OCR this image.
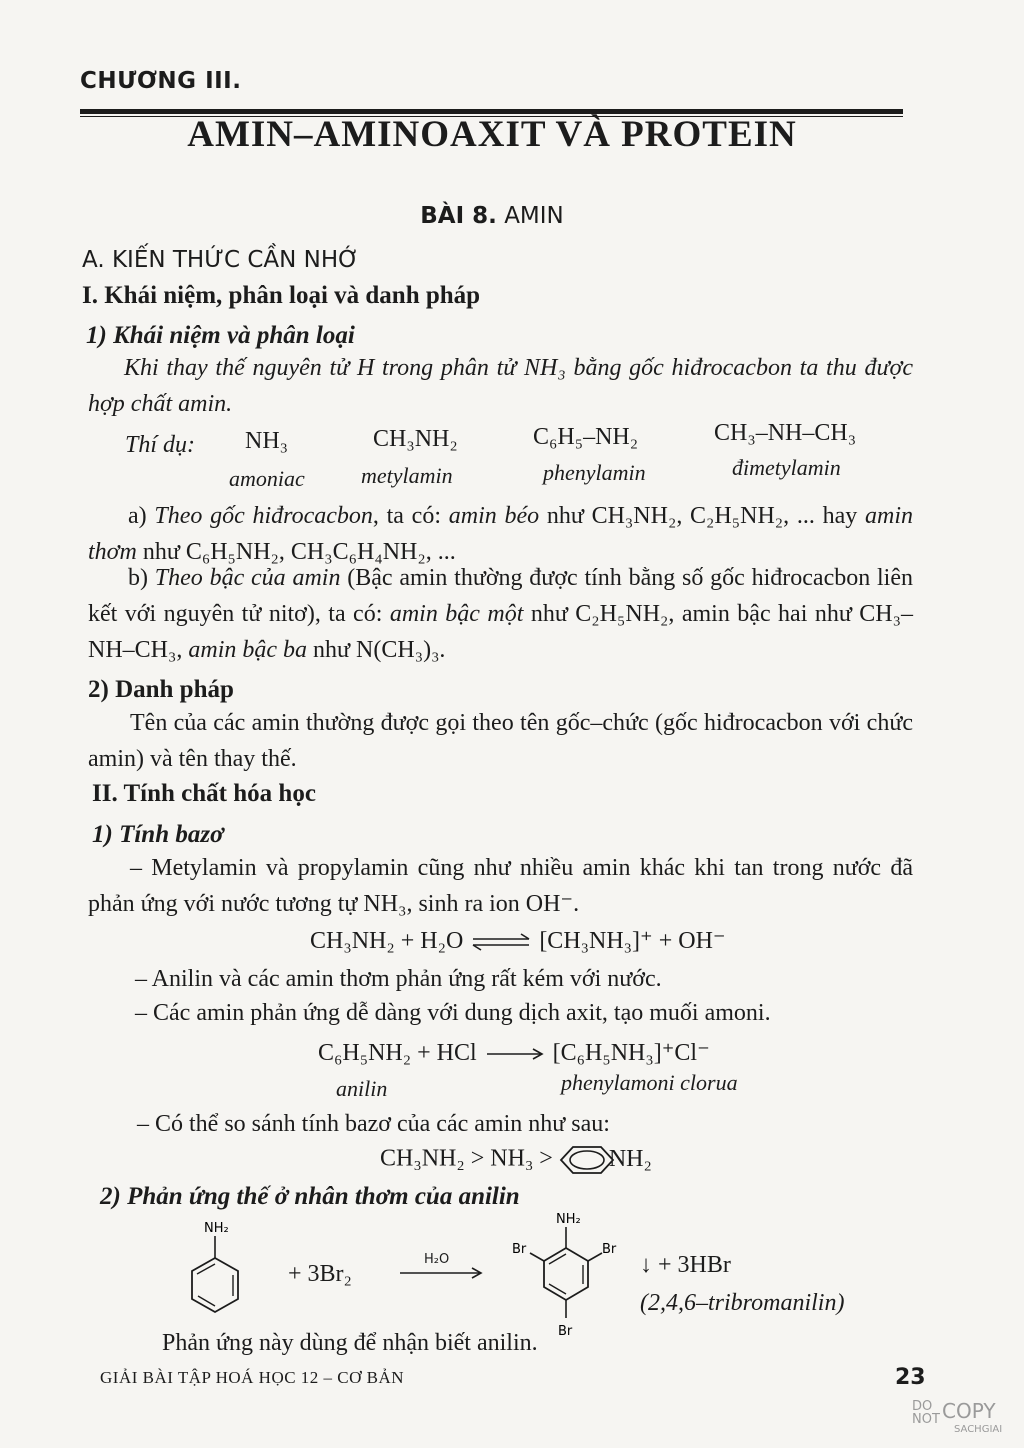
CHƯƠNG III.
AMIN–AMINOAXIT VÀ PROTEIN
BÀI 8. AMIN
A. KIẾN THỨC CẦN NHỚ
I. Khái niệm, phân loại và danh pháp
1) Khái niệm và phân loại
Khi thay thế nguyên tử H trong phân tử NH₃ bằng gốc hiđrocacbon ta thu được hợp chất amin.
Thí dụ: NH₃	CH₃NH₂	C₆H₅–NH₂	CH₃–NH–CH₃
amoniac	metylamin	phenylamin	đimetylamin
a) Theo gốc hiđrocacbon, ta có: amin béo như CH₃NH₂, C₂H₅NH₂, ... hay amin thơm như C₆H₅NH₂, CH₃C₆H₄NH₂, ...
b) Theo bậc của amin (Bậc amin thường được tính bằng số gốc hiđrocacbon liên kết với nguyên tử nitơ), ta có: amin bậc một như C₂H₅NH₂, amin bậc hai như CH₃–NH–CH₃, amin bậc ba như N(CH₃)₃.
2) Danh pháp
Tên của các amin thường được gọi theo tên gốc–chức (gốc hiđrocacbon với chức amin) và tên thay thế.
II. Tính chất hóa học
1) Tính bazơ
– Metylamin và propylamin cũng như nhiều amin khác khi tan trong nước đã phản ứng với nước tương tự NH₃, sinh ra ion OH⁻.
CH₃NH₂ + H₂O ⇌ [CH₃NH₃]⁺ + OH⁻
– Anilin và các amin thơm phản ứng rất kém với nước.
– Các amin phản ứng dễ dàng với dung dịch axit, tạo muối amoni.
C₆H₅NH₂ + HCl → [C₆H₅NH₃]⁺Cl⁻
anilin	phenylamoni clorua
– Có thể so sánh tính bazơ của các amin như sau:
CH₃NH₂ > NH₃ > NH₂
2) Phản ứng thế ở nhân thơm của anilin
NH₂
+ 3Br₂
H₂O
NH₂
Br	Br
Br
↓ + 3HBr
(2,4,6–tribromanilin)
Phản ứng này dùng để nhận biết anilin.
GIẢI BÀI TẬP HOÁ HỌC 12 – CƠ BẢN	23
DO
NOT COPY
SACHGIAI
